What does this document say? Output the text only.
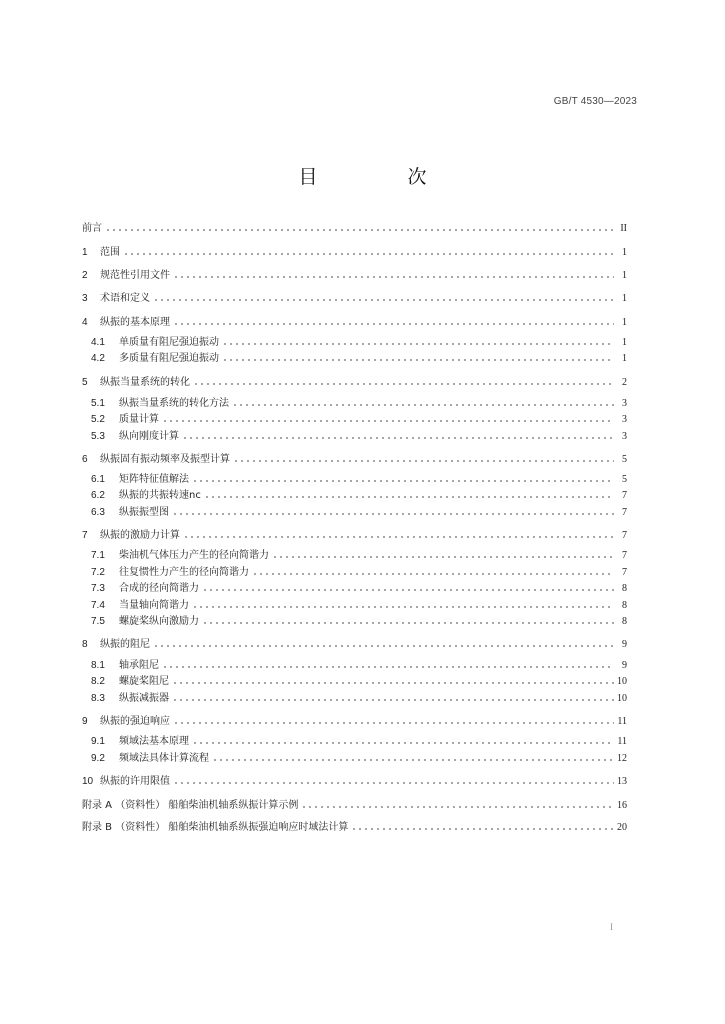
GB/T 4530—2023
目 次
前言	II
1	范围	1
2	规范性引用文件	1
3	术语和定义	1
4	纵振的基本原理	1
4.1	单质量有阻尼强迫振动	1
4.2	多质量有阻尼强迫振动	1
5	纵振当量系统的转化	2
5.1	纵振当量系统的转化方法	3
5.2	质量计算	3
5.3	纵向刚度计算	3
6	纵振固有振动频率及振型计算	5
6.1	矩阵特征值解法	5
6.2	纵振的共振转速nc	7
6.3	纵振振型图	7
7	纵振的激励力计算	7
7.1	柴油机气体压力产生的径向简谐力	7
7.2	往复惯性力产生的径向简谐力	7
7.3	合成的径向简谐力	8
7.4	当量轴向简谐力	8
7.5	螺旋桨纵向激励力	8
8	纵振的阻尼	9
8.1	轴承阻尼	9
8.2	螺旋桨阻尼	10
8.3	纵振减振器	10
9	纵振的强迫响应	11
9.1	频域法基本原理	11
9.2	频域法具体计算流程	12
10 纵振的许用限值	13
附录 A （资料性） 船舶柴油机轴系纵振计算示例	16
附录 B （资料性） 船舶柴油机轴系纵振强迫响应时域法计算	20
I
